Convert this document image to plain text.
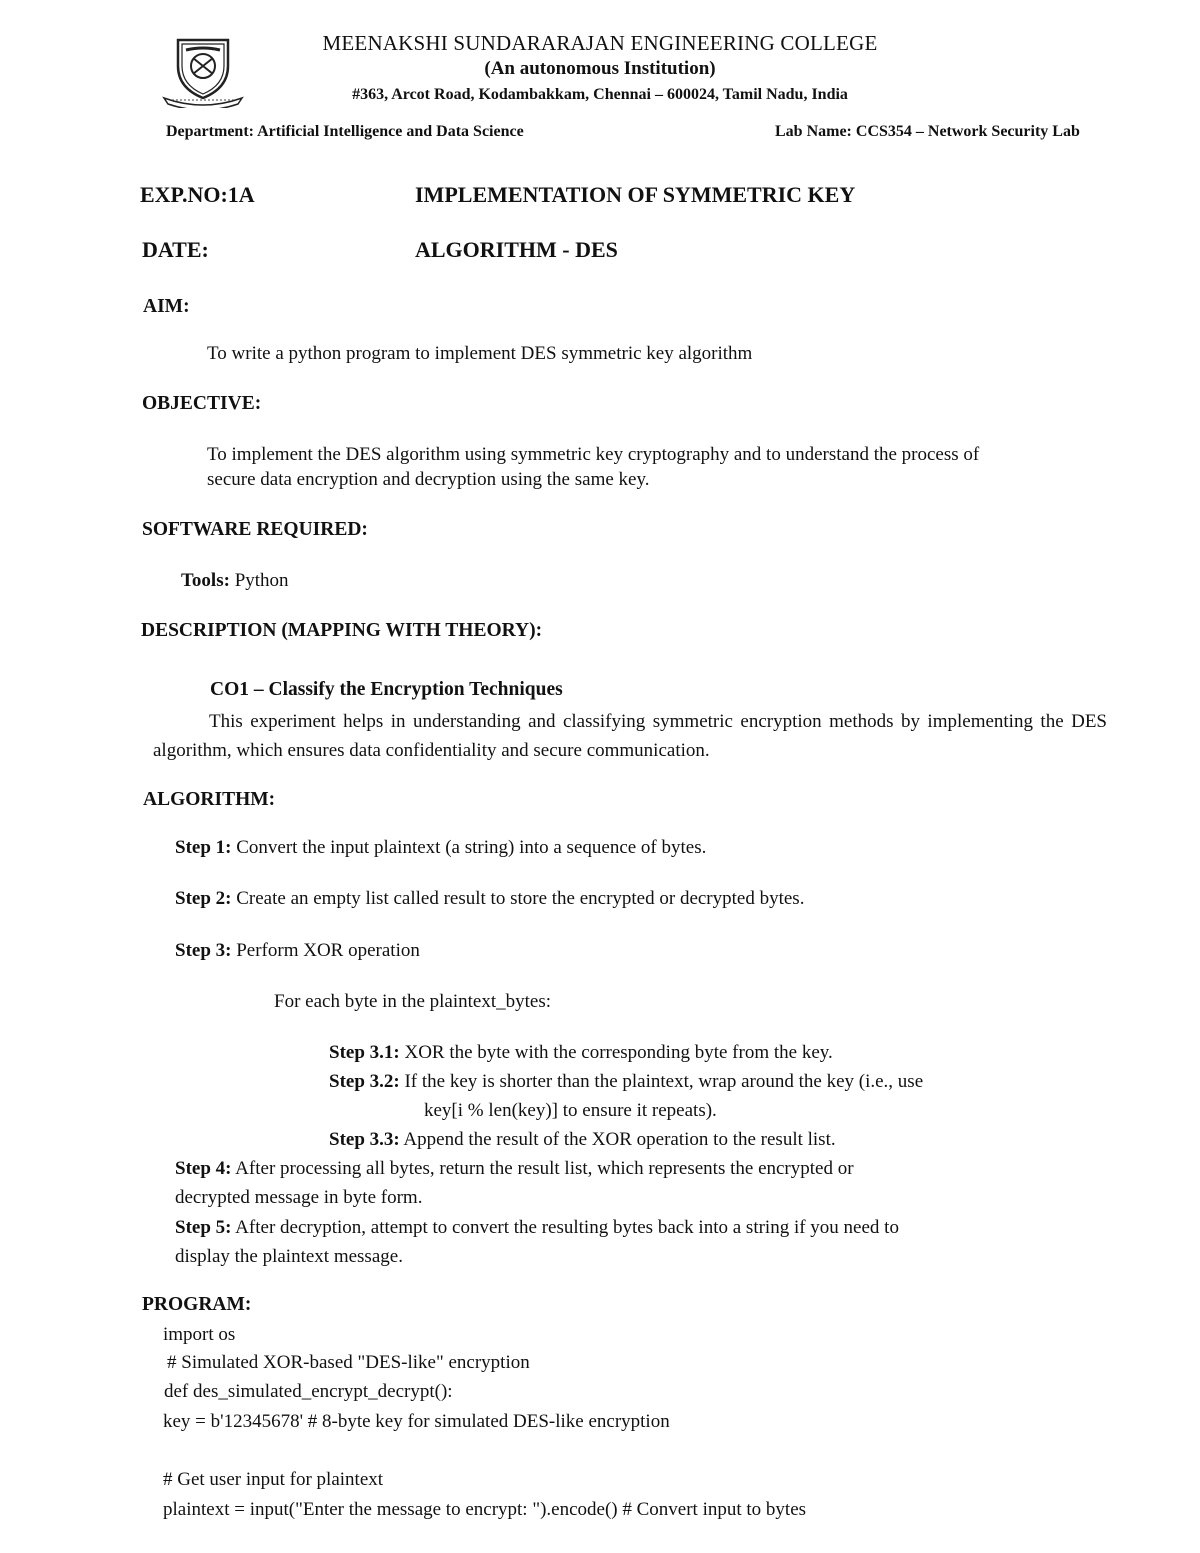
MEENAKSHI SUNDARARAJAN ENGINEERING COLLEGE
(An autonomous Institution)
#363, Arcot Road, Kodambakkam, Chennai – 600024, Tamil Nadu, India
Department: Artificial Intelligence and Data Science	Lab Name: CCS354 – Network Security Lab
EXP.NO:1A	IMPLEMENTATION OF SYMMETRIC KEY
DATE:	ALGORITHM - DES
AIM:
To write a python program to implement DES symmetric key algorithm
OBJECTIVE:
To implement the DES algorithm using symmetric key cryptography and to understand the process of
secure data encryption and decryption using the same key.
SOFTWARE REQUIRED:
Tools: Python
DESCRIPTION (MAPPING WITH THEORY):
CO1 – Classify the Encryption Techniques
This experiment helps in understanding and classifying symmetric encryption methods by implementing the DES algorithm, which ensures data confidentiality and secure communication.
ALGORITHM:
Step 1: Convert the input plaintext (a string) into a sequence of bytes.
Step 2: Create an empty list called result to store the encrypted or decrypted bytes.
Step 3: Perform XOR operation
For each byte in the plaintext_bytes:
Step 3.1: XOR the byte with the corresponding byte from the key.
Step 3.2: If the key is shorter than the plaintext, wrap around the key (i.e., use
key[i % len(key)] to ensure it repeats).
Step 3.3: Append the result of the XOR operation to the result list.
Step 4: After processing all bytes, return the result list, which represents the encrypted or
decrypted message in byte form.
Step 5: After decryption, attempt to convert the resulting bytes back into a string if you need to
display the plaintext message.
PROGRAM:
import os
# Simulated XOR-based "DES-like" encryption
def des_simulated_encrypt_decrypt():
key = b'12345678' # 8-byte key for simulated DES-like encryption
# Get user input for plaintext
plaintext = input("Enter the message to encrypt: ").encode() # Convert input to bytes
